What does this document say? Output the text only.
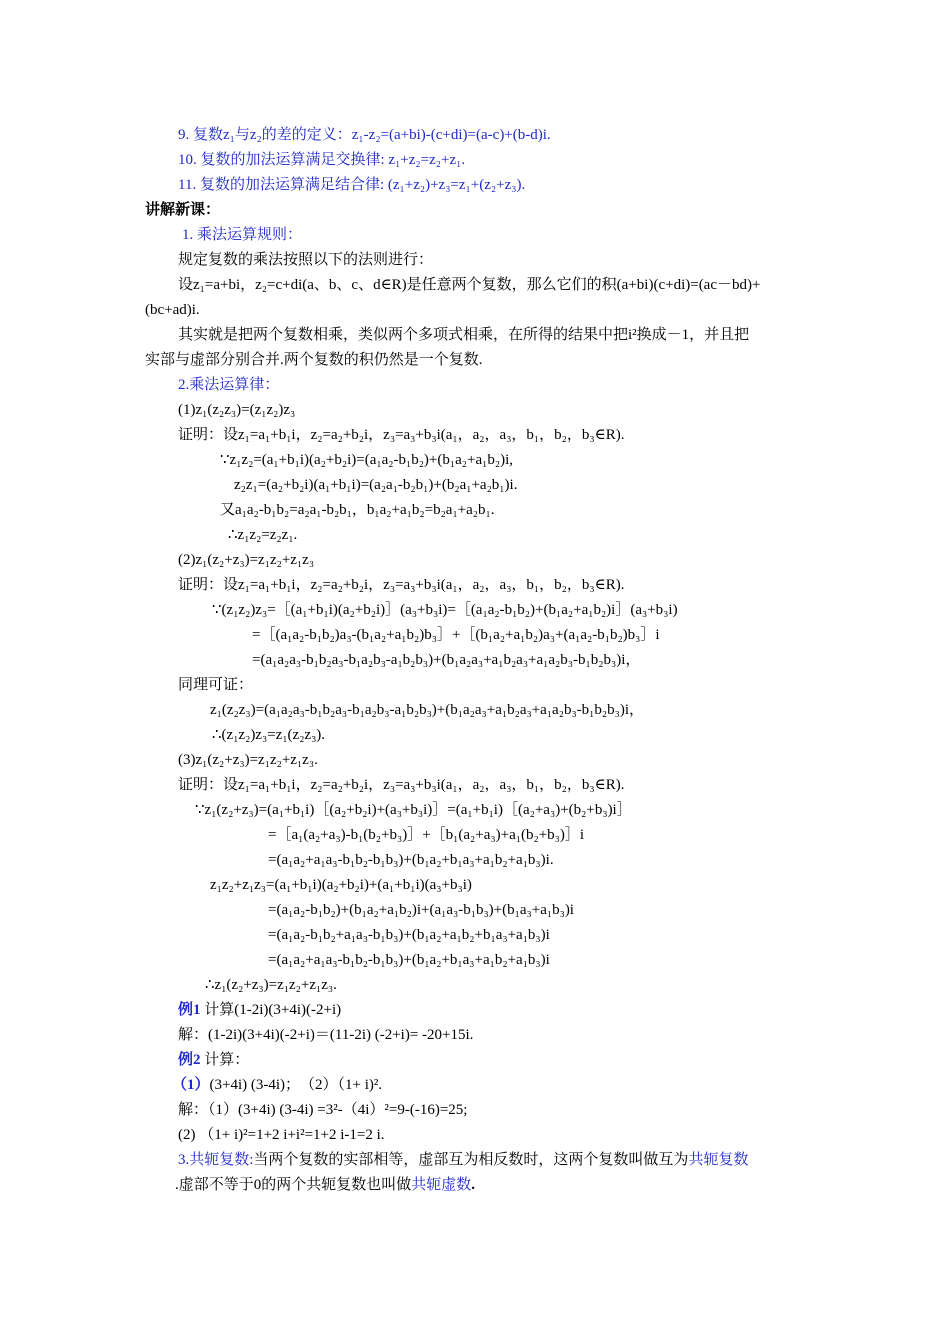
9. 复数z₁与z₂的差的定义：z₁-z₂=(a+bi)-(c+di)=(a-c)+(b-d)i.
10. 复数的加法运算满足交换律: z₁+z₂=z₂+z₁.
11. 复数的加法运算满足结合律: (z₁+z₂)+z₃=z₁+(z₂+z₃).
讲解新课：
1. 乘法运算规则：
规定复数的乘法按照以下的法则进行：
设z₁=a+bi，z₂=c+di(a、b、c、d∈R)是任意两个复数，那么它们的积(a+bi)(c+di)=(ac－bd)+
(bc+ad)i.
其实就是把两个复数相乘，类似两个多项式相乘，在所得的结果中把i²换成－1，并且把
实部与虚部分别合并.两个复数的积仍然是一个复数.
2.乘法运算律：
(1)z₁(z₂z₃)=(z₁z₂)z₃
证明：设z₁=a₁+b₁i，z₂=a₂+b₂i，z₃=a₃+b₃i(a₁，a₂，a₃，b₁，b₂，b₃∈R).
∵z₁z₂=(a₁+b₁i)(a₂+b₂i)=(a₁a₂-b₁b₂)+(b₁a₂+a₁b₂)i,
z₂z₁=(a₂+b₂i)(a₁+b₁i)=(a₂a₁-b₂b₁)+(b₂a₁+a₂b₁)i.
又a₁a₂-b₁b₂=a₂a₁-b₂b₁，b₁a₂+a₁b₂=b₂a₁+a₂b₁.
∴z₁z₂=z₂z₁.
(2)z₁(z₂+z₃)=z₁z₂+z₁z₃
证明：设z₁=a₁+b₁i，z₂=a₂+b₂i，z₃=a₃+b₃i(a₁，a₂，a₃，b₁，b₂，b₃∈R).
∵(z₁z₂)z₃=［(a₁+b₁i)(a₂+b₂i)］(a₃+b₃i)=［(a₁a₂-b₁b₂)+(b₁a₂+a₁b₂)i］(a₃+b₃i)
=［(a₁a₂-b₁b₂)a₃-(b₁a₂+a₁b₂)b₃］+［(b₁a₂+a₁b₂)a₃+(a₁a₂-b₁b₂)b₃］i
=(a₁a₂a₃-b₁b₂a₃-b₁a₂b₃-a₁b₂b₃)+(b₁a₂a₃+a₁b₂a₃+a₁a₂b₃-b₁b₂b₃)i，
同理可证：
z₁(z₂z₃)=(a₁a₂a₃-b₁b₂a₃-b₁a₂b₃-a₁b₂b₃)+(b₁a₂a₃+a₁b₂a₃+a₁a₂b₃-b₁b₂b₃)i，
∴(z₁z₂)z₃=z₁(z₂z₃).
(3)z₁(z₂+z₃)=z₁z₂+z₁z₃.
证明：设z₁=a₁+b₁i，z₂=a₂+b₂i，z₃=a₃+b₃i(a₁，a₂，a₃，b₁，b₂，b₃∈R).
∵z₁(z₂+z₃)=(a₁+b₁i)［(a₂+b₂i)+(a₃+b₃i)］=(a₁+b₁i)［(a₂+a₃)+(b₂+b₃)i］
=［a₁(a₂+a₃)-b₁(b₂+b₃)］+［b₁(a₂+a₃)+a₁(b₂+b₃)］i
=(a₁a₂+a₁a₃-b₁b₂-b₁b₃)+(b₁a₂+b₁a₃+a₁b₂+a₁b₃)i.
z₁z₂+z₁z₃=(a₁+b₁i)(a₂+b₂i)+(a₁+b₁i)(a₃+b₃i)
=(a₁a₂-b₁b₂)+(b₁a₂+a₁b₂)i+(a₁a₃-b₁b₃)+(b₁a₃+a₁b₃)i
=(a₁a₂-b₁b₂+a₁a₃-b₁b₃)+(b₁a₂+a₁b₂+b₁a₃+a₁b₃)i
=(a₁a₂+a₁a₃-b₁b₂-b₁b₃)+(b₁a₂+b₁a₃+a₁b₂+a₁b₃)i
∴z₁(z₂+z₃)=z₁z₂+z₁z₃.
例1 计算(1-2i)(3+4i)(-2+i)
解：(1-2i)(3+4i)(-2+i)＝(11-2i) (-2+i)= -20+15i.
例2 计算：
（1）(3+4i) (3-4i)；　（2）（1+ i)².
解：（1）(3+4i) (3-4i) =3²-（4i）²=9-(-16)=25;
(2) （1+ i)²=1+2 i+i²=1+2 i-1=2 i.
3.共轭复数:当两个复数的实部相等，虚部互为相反数时，这两个复数叫做互为共轭复数
.虚部不等于0的两个共轭复数也叫做共轭虚数.
